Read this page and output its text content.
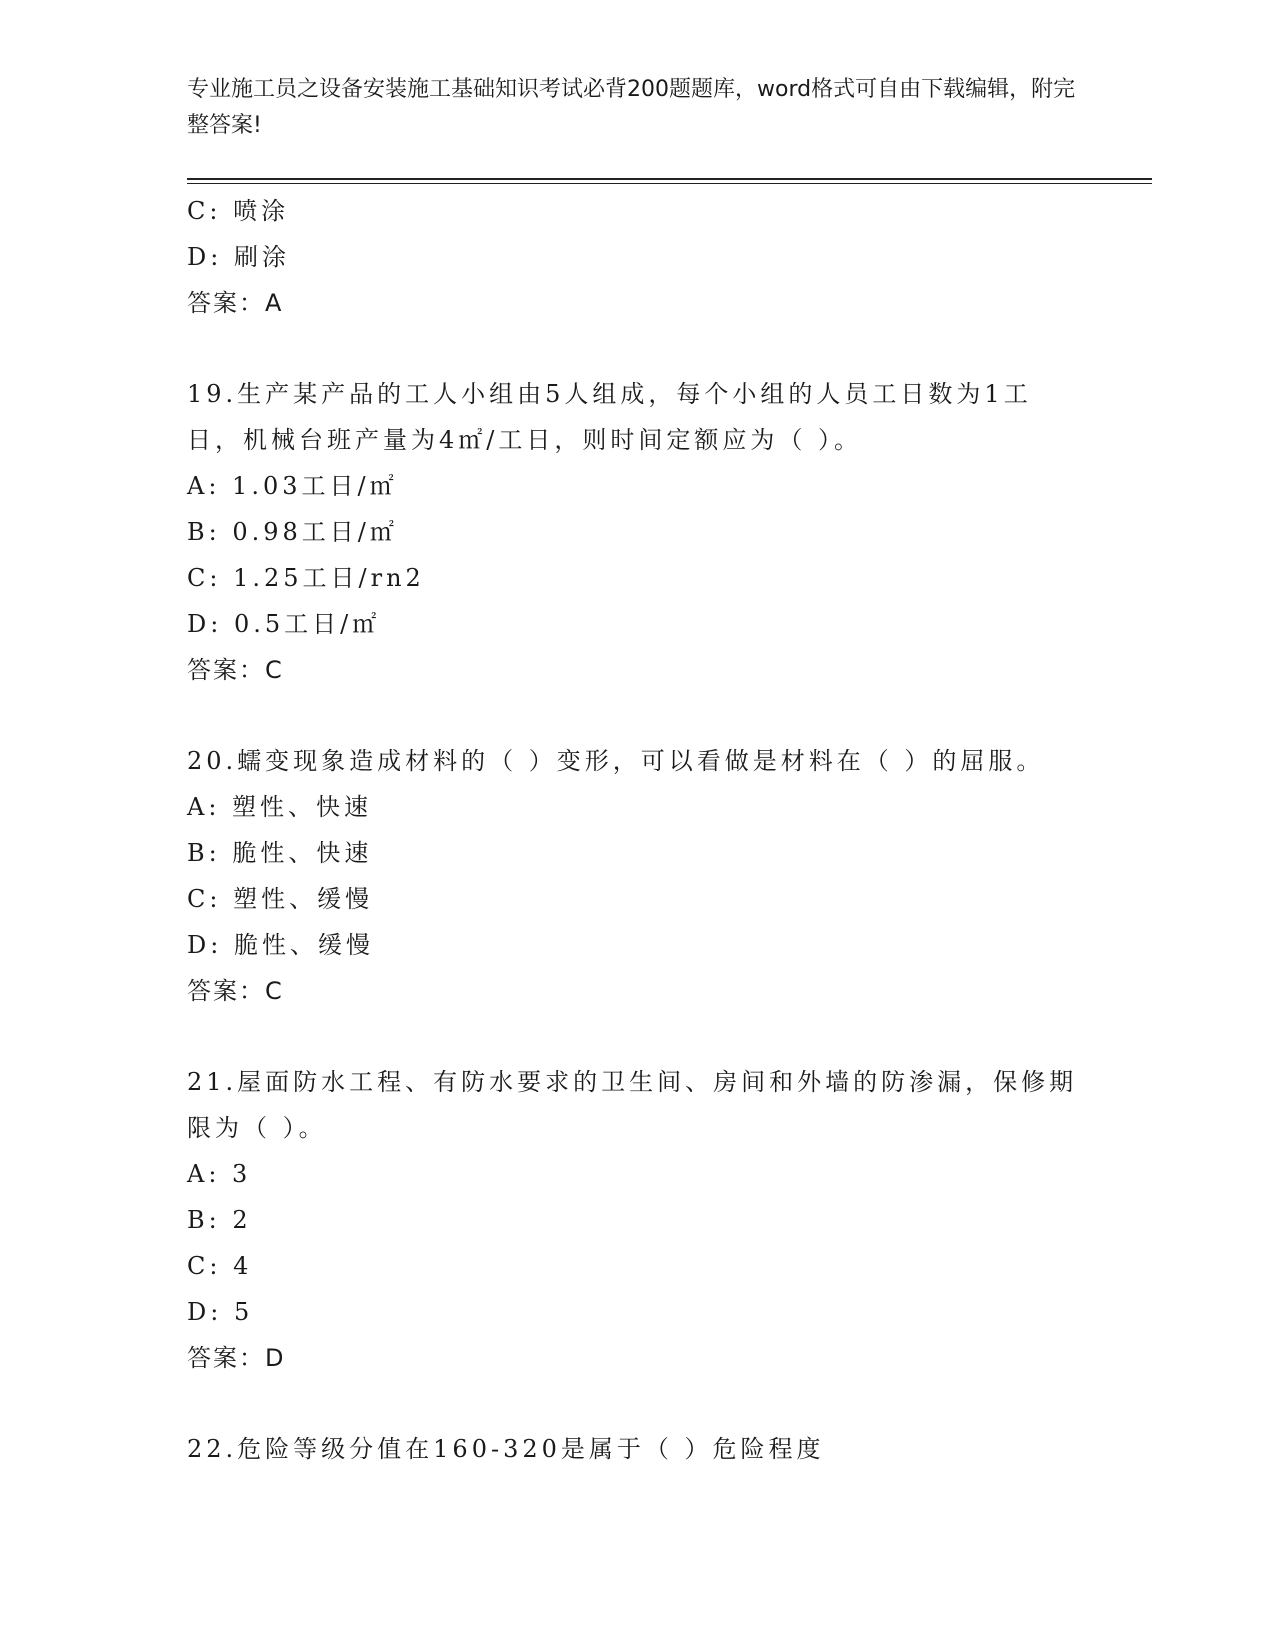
专业施工员之设备安装施工基础知识考试必背200题题库，word格式可自由下载编辑，附完整答案!
C: 喷涂
D: 刷涂
答案：A
19.生产某产品的工人小组由5人组成，每个小组的人员工日数为1工日，机械台班产量为4㎡/工日，则时间定额应为（ ）。
A: 1.03工日/㎡
B: 0.98工日/㎡
C: 1.25工日/rn2
D: 0.5工日/㎡
答案：C
20.蠕变现象造成材料的（ ）变形，可以看做是材料在（ ）的屈服。
A: 塑性、快速
B: 脆性、快速
C: 塑性、缓慢
D: 脆性、缓慢
答案：C
21.屋面防水工程、有防水要求的卫生间、房间和外墙的防渗漏，保修期限为（ ）。
A: 3
B: 2
C: 4
D: 5
答案：D
22.危险等级分值在160-320是属于（ ）危险程度
